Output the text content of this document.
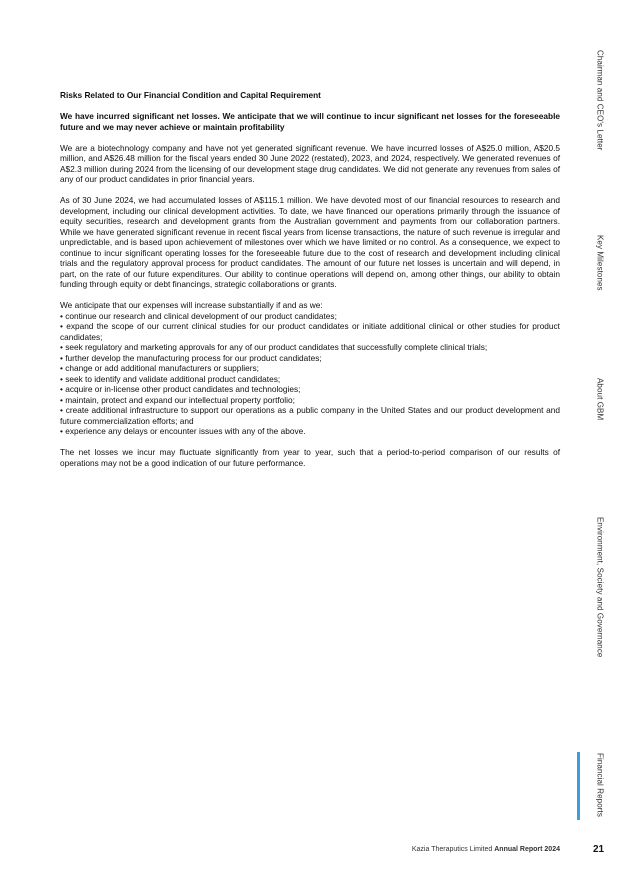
Risks Related to Our Financial Condition and Capital Requirement
We have incurred significant net losses. We anticipate that we will continue to incur significant net losses for the foreseeable future and we may never achieve or maintain profitability

We are a biotechnology company and have not yet generated significant revenue. We have incurred losses of A$25.0 million, A$20.5 million, and A$26.48 million for the fiscal years ended 30 June 2022 (restated), 2023, and 2024, respectively. We generated revenues of A$2.3 million during 2024 from the licensing of our development stage drug candidates. We did not generate any revenues from sales of any of our product candidates in prior financial years.

As of 30 June 2024, we had accumulated losses of A$115.1 million. We have devoted most of our financial resources to research and development, including our clinical development activities. To date, we have financed our operations primarily through the issuance of equity securities, research and development grants from the Australian government and payments from our collaboration partners. While we have generated significant revenue in recent fiscal years from license transactions, the nature of such revenue is irregular and unpredictable, and is based upon achievement of milestones over which we have limited or no control. As a consequence, we expect to continue to incur significant operating losses for the foreseeable future due to the cost of research and development including clinical trials and the regulatory approval process for product candidates. The amount of our future net losses is uncertain and will depend, in part, on the rate of our future expenditures. Our ability to continue operations will depend on, among other things, our ability to obtain funding through equity or debt financings, strategic collaborations or grants.

We anticipate that our expenses will increase substantially if and as we:

• continue our research and clinical development of our product candidates;
• expand the scope of our current clinical studies for our product candidates or initiate additional clinical or other studies for product candidates;
• seek regulatory and marketing approvals for any of our product candidates that successfully complete clinical trials;
• further develop the manufacturing process for our product candidates;
• change or add additional manufacturers or suppliers;
• seek to identify and validate additional product candidates;
• acquire or in-license other product candidates and technologies;
• maintain, protect and expand our intellectual property portfolio;
• create additional infrastructure to support our operations as a public company in the United States and our product development and future commercialization efforts; and
• experience any delays or encounter issues with any of the above.

The net losses we incur may fluctuate significantly from year to year, such that a period-to-period comparison of our results of operations may not be a good indication of our future performance.

Chairman and CEO's Letter
Key Milestones
About GBM
Environment, Society and Governance
Financial Reports
Kazia Theraputics Limited Annual Report 2024	21
